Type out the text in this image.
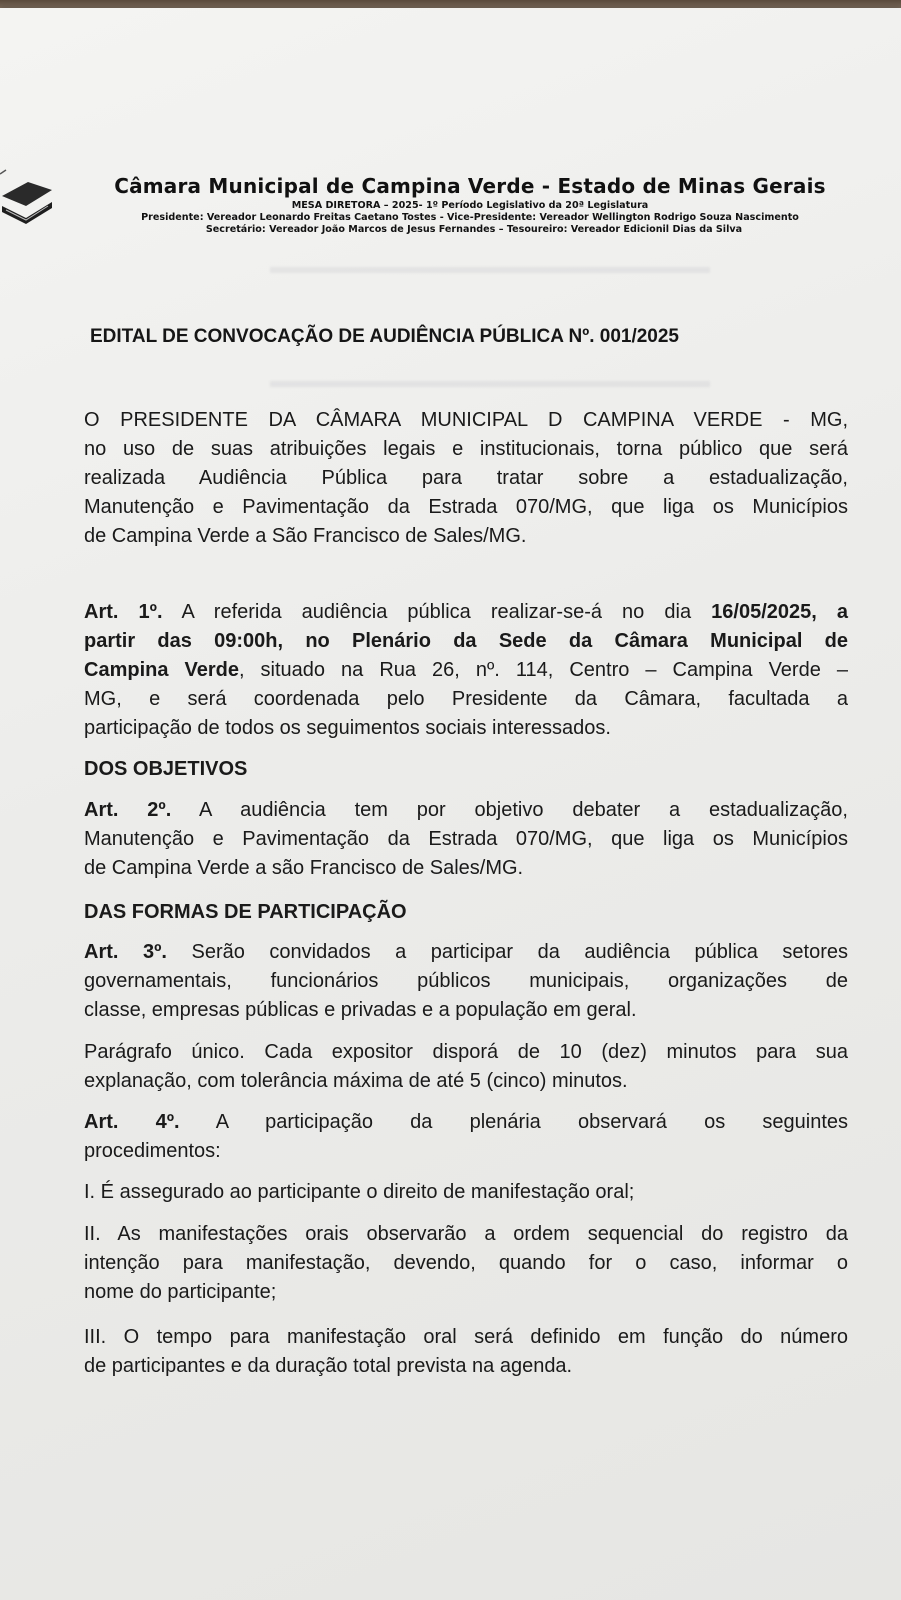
Câmara Municipal de Campina Verde - Estado de Minas Gerais
MESA DIRETORA – 2025- 1º Período Legislativo da 20ª Legislatura
Presidente: Vereador Leonardo Freitas Caetano Tostes - Vice-Presidente: Vereador Wellington Rodrigo Souza Nascimento
Secretário: Vereador João Marcos de Jesus Fernandes – Tesoureiro: Vereador Edicionil Dias da Silva
▬▬▬▬▬▬▬▬▬▬▬▬▬▬▬▬▬▬▬▬▬▬
▬▬▬▬▬▬▬▬▬▬▬▬▬▬▬▬▬▬▬▬▬▬
EDITAL DE CONVOCAÇÃO DE AUDIÊNCIA PÚBLICA Nº. 001/2025
O PRESIDENTE DA CÂMARA MUNICIPAL D CAMPINA VERDE - MG,
no uso de suas atribuições legais e institucionais, torna público que será
realizada Audiência Pública para tratar sobre a estadualização,
Manutenção e Pavimentação da Estrada 070/MG, que liga os Municípios
de Campina Verde a São Francisco de Sales/MG.
Art. 1º. A referida audiência pública realizar-se-á no dia 16/05/2025, a
partir das 09:00h, no Plenário da Sede da Câmara Municipal de
Campina Verde, situado na Rua 26, nº. 114, Centro – Campina Verde –
MG, e será coordenada pelo Presidente da Câmara, facultada a
participação de todos os seguimentos sociais interessados.
DOS OBJETIVOS
Art. 2º. A audiência tem por objetivo debater a estadualização,
Manutenção e Pavimentação da Estrada 070/MG, que liga os Municípios
de Campina Verde a são Francisco de Sales/MG.
DAS FORMAS DE PARTICIPAÇÃO
Art. 3º. Serão convidados a participar da audiência pública setores
governamentais, funcionários públicos municipais, organizações de
classe, empresas públicas e privadas e a população em geral.
Parágrafo único. Cada expositor disporá de 10 (dez) minutos para sua
explanação, com tolerância máxima de até 5 (cinco) minutos.
Art. 4º. A participação da plenária observará os seguintes
procedimentos:
I. É assegurado ao participante o direito de manifestação oral;
II. As manifestações orais observarão a ordem sequencial do registro da
intenção para manifestação, devendo, quando for o caso, informar o
nome do participante;
III. O tempo para manifestação oral será definido em função do número
de participantes e da duração total prevista na agenda.
